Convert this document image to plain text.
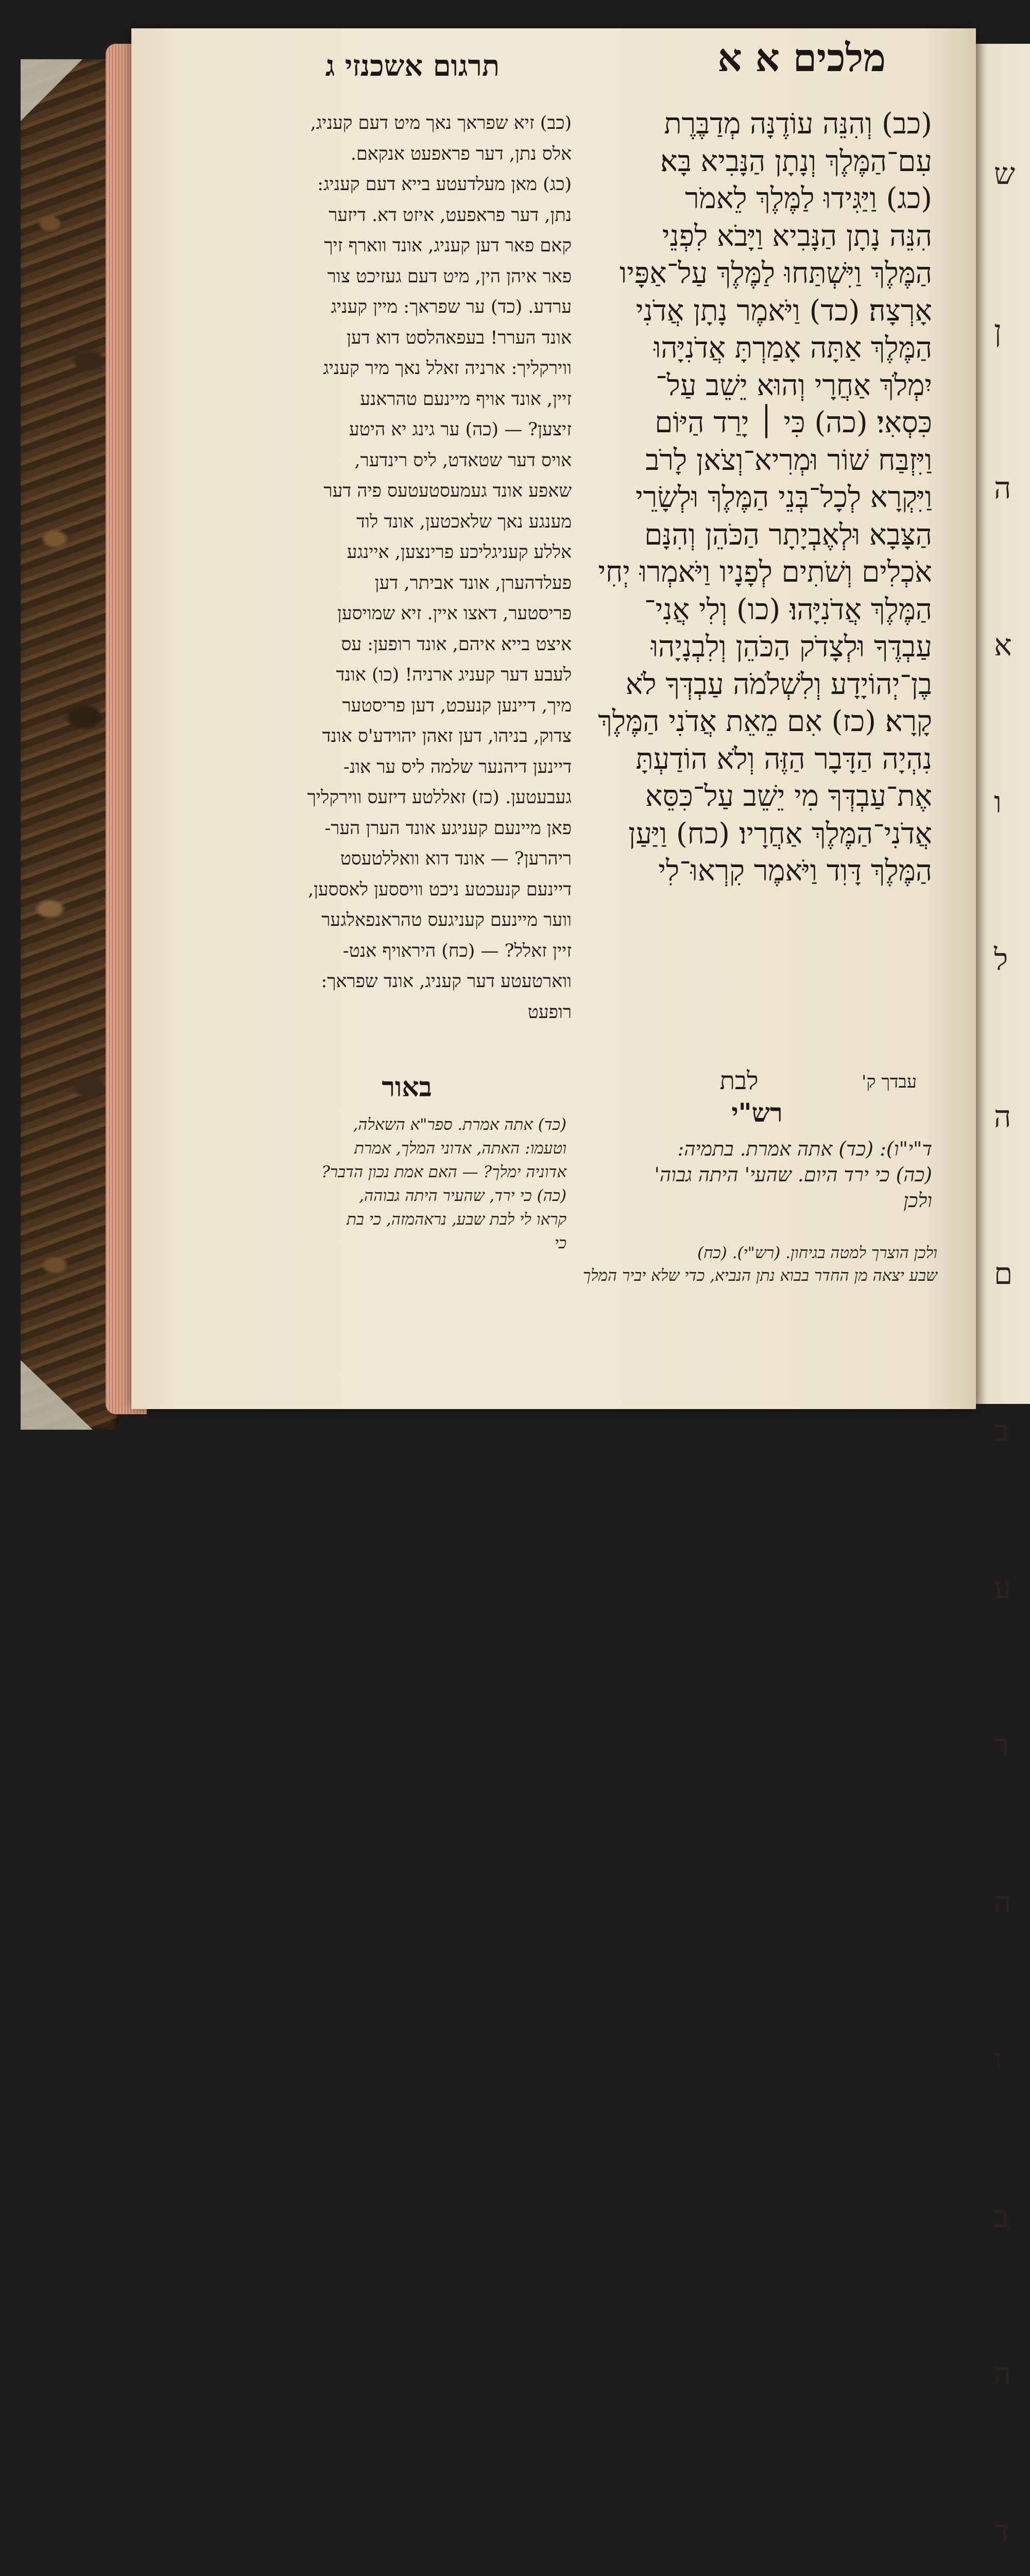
ש
ן
ה
א
ו
ל
ה
ם
ב
ע
ר
ה
ו
ב
ה
ד
מלכים א א
תרגום אשכנזי ג

(כב) וְהִנֵּה עוֹדֶנָּה מְדַבֶּרֶת

עִם־הַמֶּלֶךְ וְנָתָן הַנָּבִיא בָּא׃

(כג) וַיַּגִּידוּ לַמֶּלֶךְ לֵאמֹר

הִנֵּה נָתָן הַנָּבִיא וַיָּבֹא לִפְנֵי

הַמֶּלֶךְ וַיִּשְׁתַּחוּ לַמֶּלֶךְ עַל־אַפָּיו

אָרְצָה׃ (כד) וַיֹּאמֶר נָתָן אֲדֹנִי

הַמֶּלֶךְ אַתָּה אָמַרְתָּ אֲדֹנִיָּהוּ

יִמְלֹךְ אַחֲרָי וְהוּא יֵשֵׁב עַל־

כִּסְאִי׃ (כה) כִּי ׀ יָרַד הַיּוֹם

וַיִּזְבַּח שׁוֹר וּמְרִיא־וְצֹאן לָרֹב

וַיִּקְרָא לְכָל־בְּנֵי הַמֶּלֶךְ וּלְשָׂרֵי

הַצָּבָא וּלְאֶבְיָתָר הַכֹּהֵן וְהִנָּם

אֹכְלִים וְשֹׁתִים לְפָנָיו וַיֹּאמְרוּ יְחִי

הַמֶּלֶךְ אֲדֹנִיָּהוּ׃ (כו) וְלִי אֲנִי־

עַבְדֶּךָ וּלְצָדֹק הַכֹּהֵן וְלִבְנָיָהוּ

בֶן־יְהוֹיָדָע וְלִשְׁלֹמֹה עַבְדְּךָ לֹא

קָרָא׃ (כז) אִם מֵאֵת אֲדֹנִי הַמֶּלֶךְ

נִהְיָה הַדָּבָר הַזֶּה וְלֹא הוֹדַעְתָּ

אֶת־עַבְדְּךָ מִי יֵשֵׁב עַל־כִּסֵּא

אֲדֹנִי־הַמֶּלֶךְ אַחֲרָיו׃ (כח) וַיַּעַן

הַמֶּלֶךְ דָּוִד וַיֹּאמֶר קִרְאוּ־לִי

(כב) זיא שפראך נאך מיט דעם קעניג,

אלס נתן, דער פראפעט אנקאם.

(כג) מאן מעלדעטע בייא דעם קעניג:

נתן, דער פראפעט, איזט דא. דיזער

קאם פאר דען קעניג, אונד ווארף זיך

פאר איהן הין, מיט דעם געזיכט צור

ערדע. (כד) ער שפראך: מיין קעניג

אונד הערר! בעפאהלסט דוא דען

ווירקליך: ארניה זאלל נאך מיר קעניג

זיין, אונד אויף מיינעם טהראנע

זיצען? — (כה) ער גינג יא היטע

אויס דער שטאדט, ליס רינדער,

שאפע אונד געמעסטעטעס פיה דער

מענגע נאך שלאכטען, אונד לוד

אללע קעניגליכע פרינצען, איינגע

פעלדהערן, אונד אביתר, דען

פריסטער, דאצו איין. זיא שמויסען

איצט בייא איהם, אונד רופען: עס

לעבע דער קעניג ארניה! (כו) אונד

מיך, דיינען קנעכט, דען פריסטער

צדוק, בניהו, דען זאהן יהוידע'ס אונד

דיינען דיהנער שלמה ליס ער אונ-

געבעטען. (כז) זאללטע דיזעס ווירקליך

פאן מיינעם קעניגע אונד הערן הער-

ריהרען? — אונד דוא וואללטעסט

דיינעם קנעכטע ניכט וויססען לאססען,

ווער מיינעם קעניגעס טהראנפאלגער

זיין זאלל? — (כח) היראויף אנט-

ווארטעטע דער קעניג, אונד שפראך:

רופעט

לבת	עבדך ק'
באור
רש"י

(כד) אתה אמרת. ספר"א השאלה,

וטעמו: האתה, אדוני המלך, אמרת

אדוניה ימלך? — האם אמת נכון הדבר?

(כה) כי ירד, שהעיר היתה גבוהה,

קראו לי לבת שבע, נראהמזה, כי בת

כי

ד"י"ו): (כד) אתה אמרת. בתמיה:

(כה) כי ירד היום. שהעי' היתה גבוה'

ולכן

ולכן הוצרך למטה בגיחון. (רש"י). (כח)

שבע יצאה מן החדר בבוא נתן הנביא, כדי שלא יביר המלך
